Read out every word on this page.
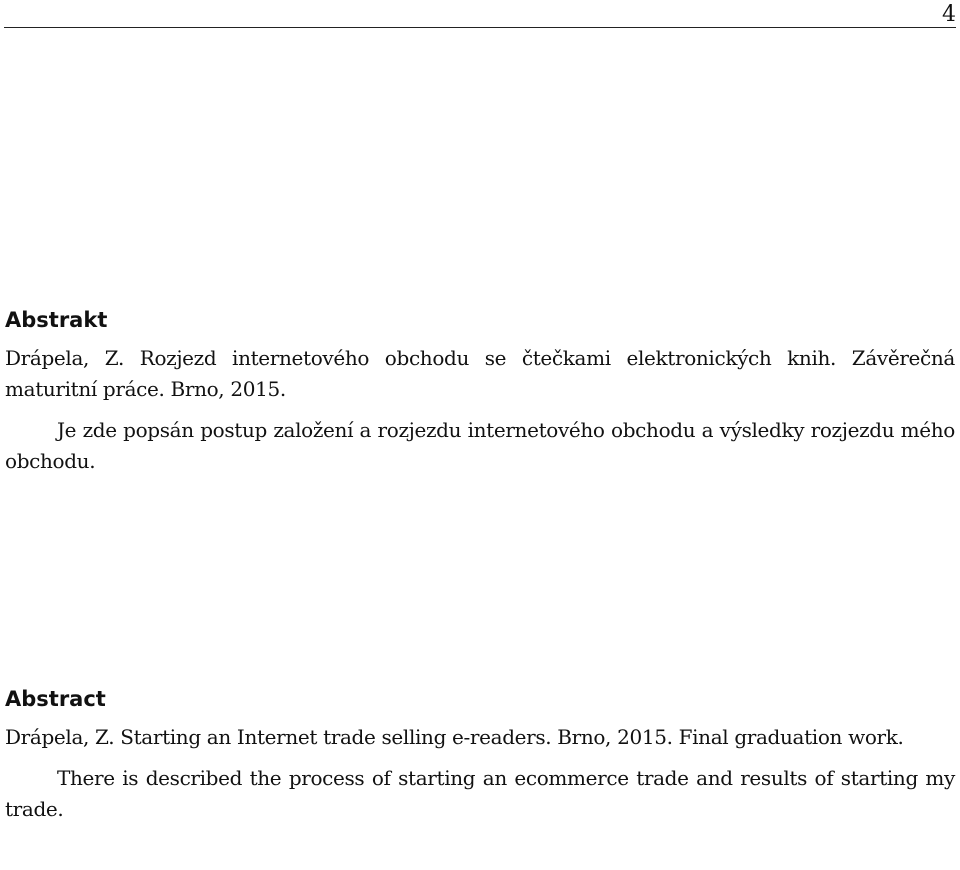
4
Abstrakt

Drápela, Z. Rozjezd internetového obchodu se čtečkami elektronických knih. Závěrečná maturitní práce. Brno, 2015.

Je zde popsán postup založení a rozjezdu internetového obchodu a výsledky rozjezdu mého obchodu.

Abstract

Drápela, Z. Starting an Internet trade selling e-readers. Brno, 2015. Final graduation work.

There is described the process of starting an ecommerce trade and results of starting my trade.
